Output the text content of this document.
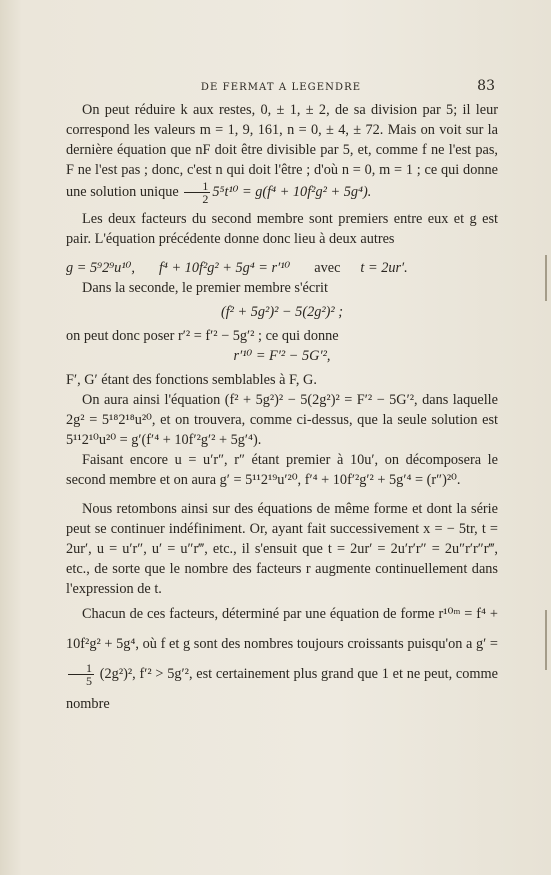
DE FERMAT A LEGENDRE	83

On peut réduire k aux restes, 0, ± 1, ± 2, de sa division par 5; il leur correspond les valeurs m = 1, 9, 161, n = 0, ± 4, ± 72. Mais on voit sur la dernière équation que nF doit être divisible par 5, et, comme f ne l'est pas, F ne l'est pas ; donc, c'est n qui doit l'être ; d'où n = 0, m = 1 ; ce qui donne une solution unique $\frac{1}{2} 5^5t^{10} = g(f^4 + 10f^2g^2 + 5g^4)$.

Les deux facteurs du second membre sont premiers entre eux et g est pair. L'équation précédente donne donc lieu à deux autres

g = 5⁹2⁹u¹⁰, f⁴ + 10f²g² + 5g⁴ = r′¹⁰ avec t = 2ur′.

Dans la seconde, le premier membre s'écrit

(f² + 5g²)² − 5(2g²)² ;

on peut donc poser r′² = f′² − 5g′² ; ce qui donne

r′¹⁰ = F′² − 5G′²,

F′, G′ étant des fonctions semblables à F, G.

On aura ainsi l'équation (f² + 5g²)² − 5(2g²)² = F′² − 5G′², dans laquelle 2g² = 5¹⁸2¹⁸u²⁰, et on trouvera, comme ci-dessus, que la seule solution est 5¹¹2¹⁰u²⁰ = g′(f′⁴ + 10f′²g′² + 5g′⁴).

Faisant encore u = u′r″, r″ étant premier à 10u′, on décomposera le second membre et on aura g′ = 5¹¹2¹⁹u′²⁰, f′⁴ + 10f′²g′² + 5g′⁴ = (r″)²⁰.

Nous retombons ainsi sur des équations de même forme et dont la série peut se continuer indéfiniment. Or, ayant fait successivement x = − 5tr, t = 2ur′, u = u′r″, u′ = u″r‴, etc., il s'ensuit que t = 2ur′ = 2u′r′r″ = 2u″r′r″r‴, etc., de sorte que le nombre des facteurs r augmente continuellement dans l'expression de t.

Chacun de ces facteurs, déterminé par une équation de forme r¹⁰ᵐ = f⁴ + 10f²g² + 5g⁴, où f et g sont des nombres toujours croissants puisqu'on a g′ =
$\frac{1}{5} (2g^2)^2$, f′² > 5g′², est certainement plus grand que 1 et ne peut, comme nombre
